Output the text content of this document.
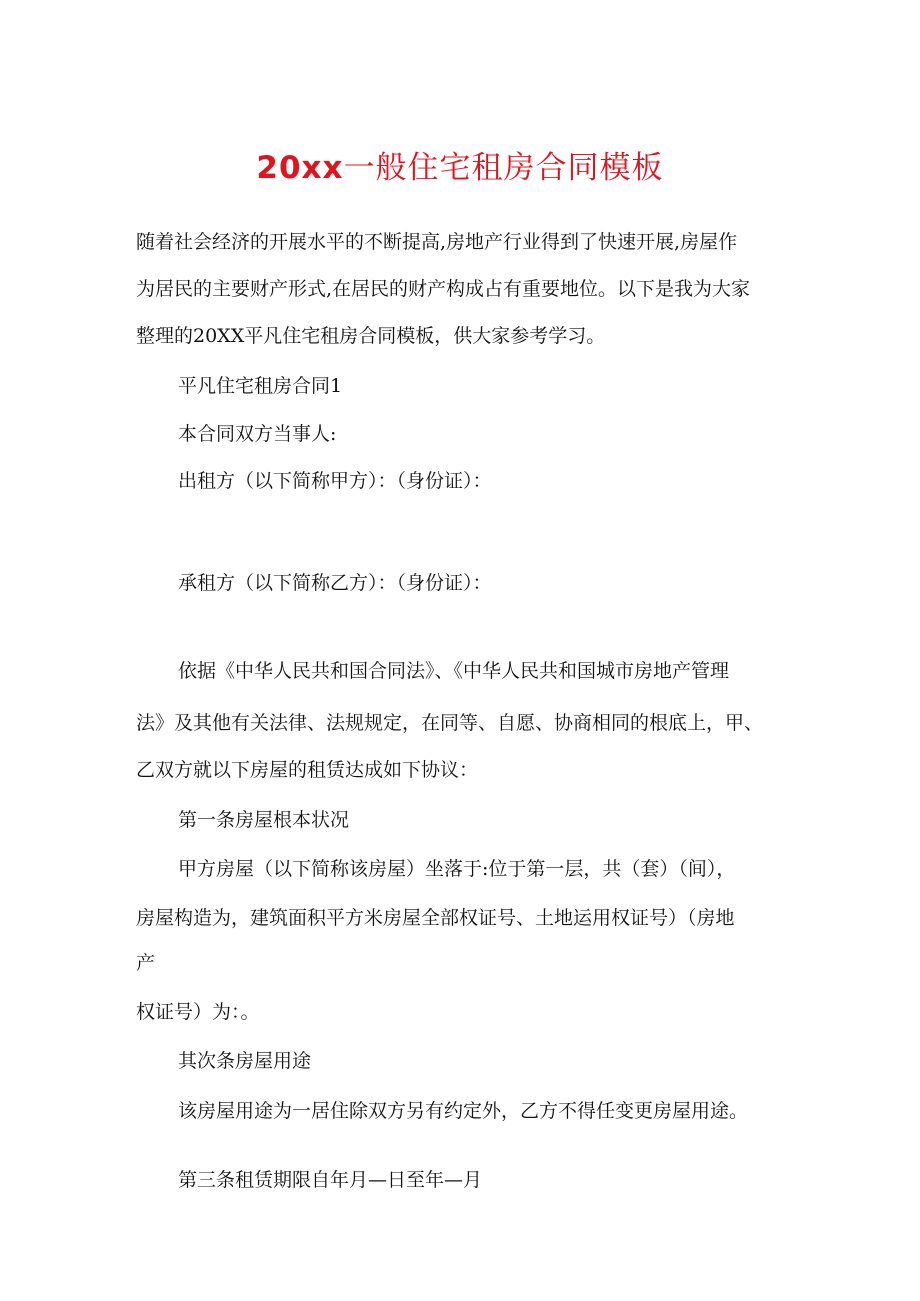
20xx一般住宅租房合同模板
随着社会经济的开展水平的不断提高,房地产行业得到了快速开展,房屋作
为居民的主要财产形式,在居民的财产构成占有重要地位。以下是我为大家
整理的20XX平凡住宅租房合同模板，供大家参考学习。
平凡住宅租房合同1
本合同双方当事人:
出租方（以下简称甲方）：（身份证）：
承租方（以下简称乙方）：（身份证）：
依据《中华人民共和国合同法》、《中华人民共和国城市房地产管理
法》及其他有关法律、法规规定，在同等、自愿、协商相同的根底上，甲、
乙双方就以下房屋的租赁达成如下协议：
第一条房屋根本状况
甲方房屋（以下简称该房屋）坐落于:位于第一层，共（套）（间），
房屋构造为，建筑面积平方米房屋全部权证号、土地运用权证号）（房地
产
权证号）为：。
其次条房屋用途
该房屋用途为一居住除双方另有约定外，乙方不得任变更房屋用途。
第三条租赁期限自年月—日至年—月
